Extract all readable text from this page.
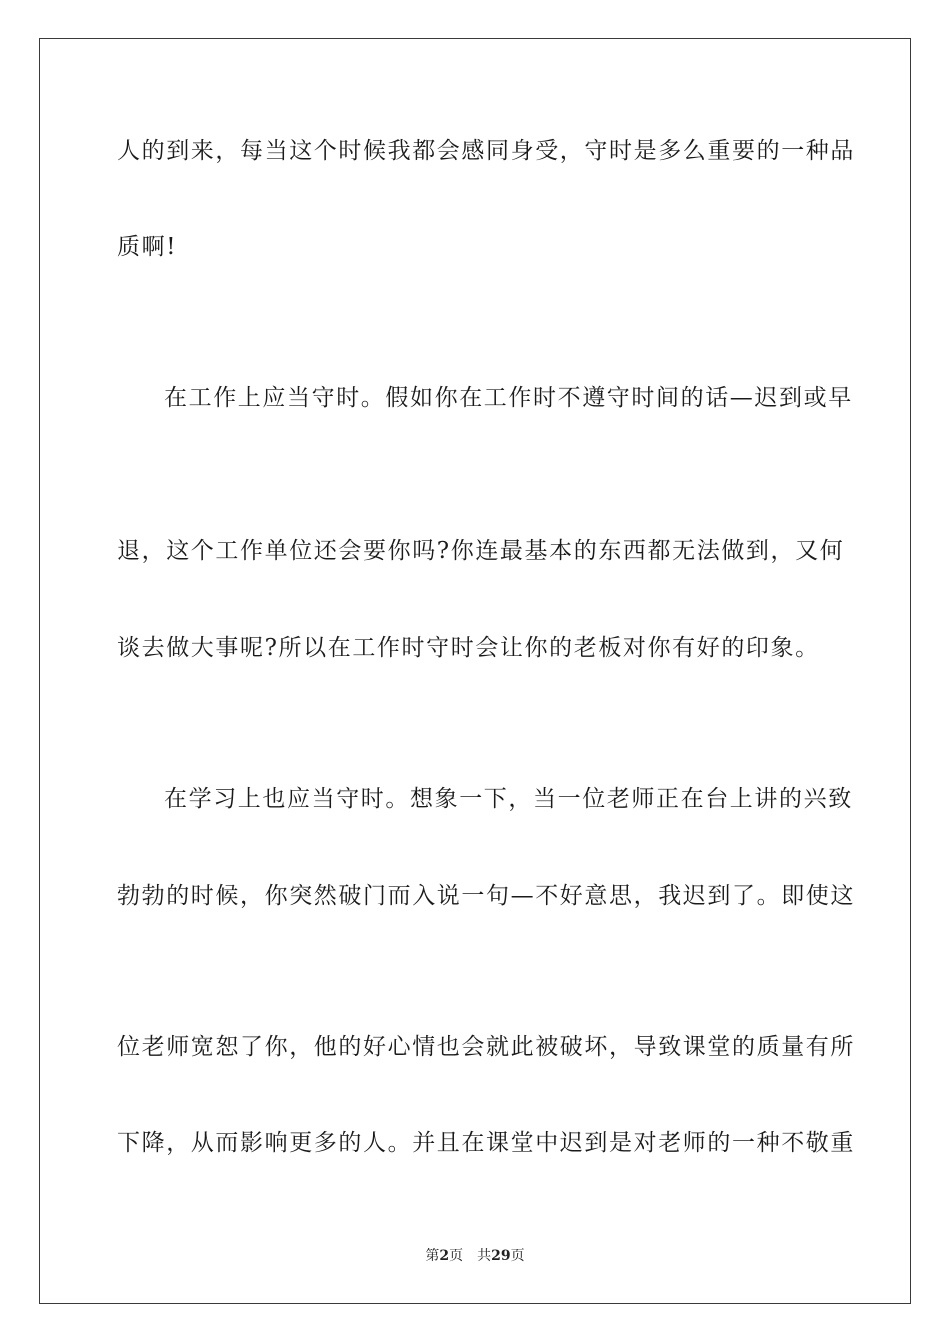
人的到来，每当这个时候我都会感同身受，守时是多么重要的一种品
质啊!
在工作上应当守时。假如你在工作时不遵守时间的话—迟到或早
退，这个工作单位还会要你吗?你连最基本的东西都无法做到，又何
谈去做大事呢?所以在工作时守时会让你的老板对你有好的印象。
在学习上也应当守时。想象一下，当一位老师正在台上讲的兴致
勃勃的时候，你突然破门而入说一句—不好意思，我迟到了。即使这
位老师宽恕了你，他的好心情也会就此被破坏，导致课堂的质量有所
下降，从而影响更多的人。并且在课堂中迟到是对老师的一种不敬重
第2页 共29页
